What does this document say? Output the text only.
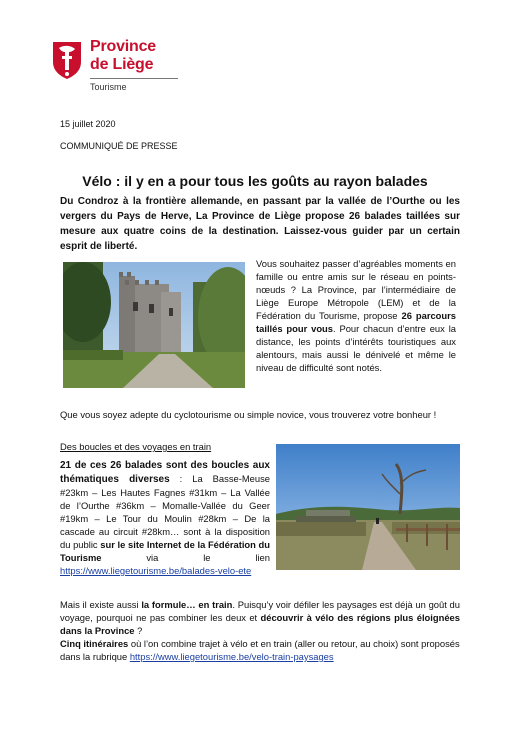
Province
de Liège
Tourisme
15 juillet 2020
COMMUNIQUÉ DE PRESSE
Vélo : il y en a pour tous les goûts au rayon balades
Du Condroz à la frontière allemande, en passant par la vallée de l’Ourthe ou les vergers du Pays de Herve, La Province de Liège propose 26 balades taillées sur mesure aux quatre coins de la destination. Laissez-vous guider par un certain esprit de liberté.
Vous souhaitez passer d’agréables moments en famille ou entre amis sur le réseau en points-nœuds ? La Province, par l’intermédiaire de Liège Europe Métropole (LEM) et de la Fédération du Tourisme, propose 26 parcours taillés pour vous. Pour chacun d’entre eux la distance, les points d’intérêts touristiques aux alentours, mais aussi le dénivelé et même le niveau de difficulté sont notés.
Que vous soyez adepte du cyclotourisme ou simple novice, vous trouverez votre bonheur !
Des boucles et des voyages en train
21 de ces 26 balades sont des boucles aux thématiques diverses : La Basse-Meuse #23km – Les Hautes Fagnes #31km – La Vallée de l’Ourthe #36km – Momalle-Vallée du Geer #19km – Le Tour du Moulin #28km – De la cascade au circuit #28km… sont à la disposition du public sur le site Internet de la Fédération du Tourisme via le lien https://www.liegetourisme.be/balades-velo-ete
Mais il existe aussi la formule… en train. Puisqu’y voir défiler les paysages est déjà un goût du voyage, pourquoi ne pas combiner les deux et découvrir à vélo des régions plus éloignées dans la Province ?
Cinq itinéraires où l’on combine trajet à vélo et en train (aller ou retour, au choix) sont proposés dans la rubrique https://www.liegetourisme.be/velo-train-paysages
